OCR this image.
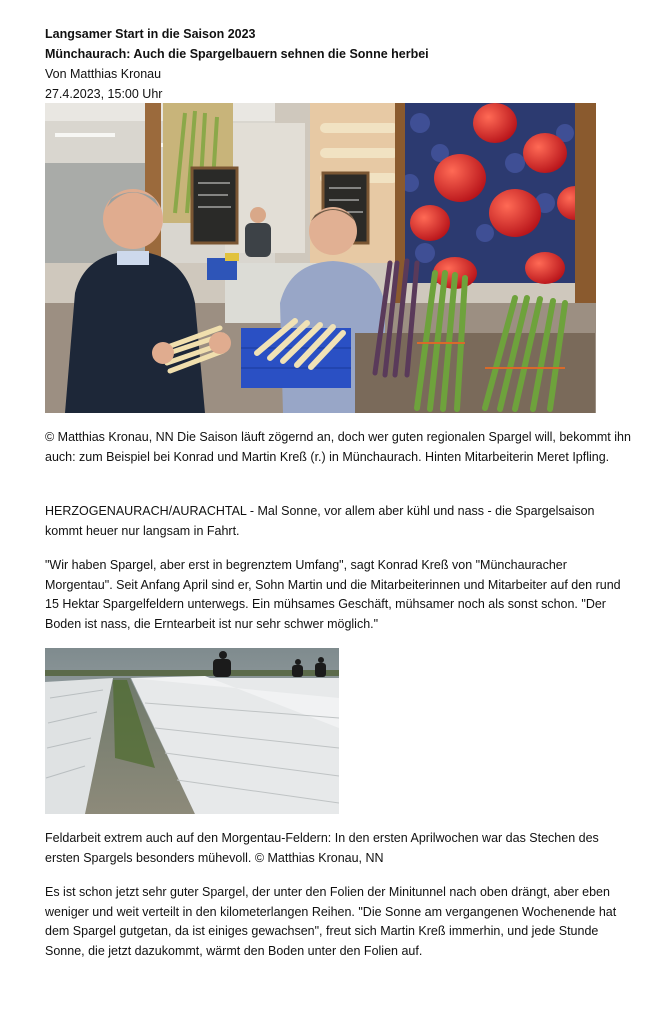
Langsamer Start in die Saison 2023
Münchaurach: Auch die Spargelbauern sehnen die Sonne herbei
Von Matthias Kronau
27.4.2023, 15:00 Uhr

© Matthias Kronau, NN Die Saison läuft zögernd an, doch wer guten regionalen Spargel will, bekommt ihn auch: zum Beispiel bei Konrad und Martin Kreß (r.) in Münchaurach. Hinten Mitarbeiterin Meret Ipfling.

HERZOGENAURACH/AURACHTAL - Mal Sonne, vor allem aber kühl und nass - die Spargelsaison kommt heuer nur langsam in Fahrt.

"Wir haben Spargel, aber erst in begrenztem Umfang", sagt Konrad Kreß von "Münchauracher Morgentau". Seit Anfang April sind er, Sohn Martin und die Mitarbeiterinnen und Mitarbeiter auf den rund 15 Hektar Spargelfeldern unterwegs. Ein mühsames Geschäft, mühsamer noch als sonst schon. "Der Boden ist nass, die Erntearbeit ist nur sehr schwer möglich."

Feldarbeit extrem auch auf den Morgentau-Feldern: In den ersten Aprilwochen war das Stechen des ersten Spargels besonders mühevoll. © Matthias Kronau, NN

Es ist schon jetzt sehr guter Spargel, der unter den Folien der Minitunnel nach oben drängt, aber eben weniger und weit verteilt in den kilometerlangen Reihen. "Die Sonne am vergangenen Wochenende hat dem Spargel gutgetan, da ist einiges gewachsen", freut sich Martin Kreß immerhin, und jede Stunde Sonne, die jetzt dazukommt, wärmt den Boden unter den Folien auf.
